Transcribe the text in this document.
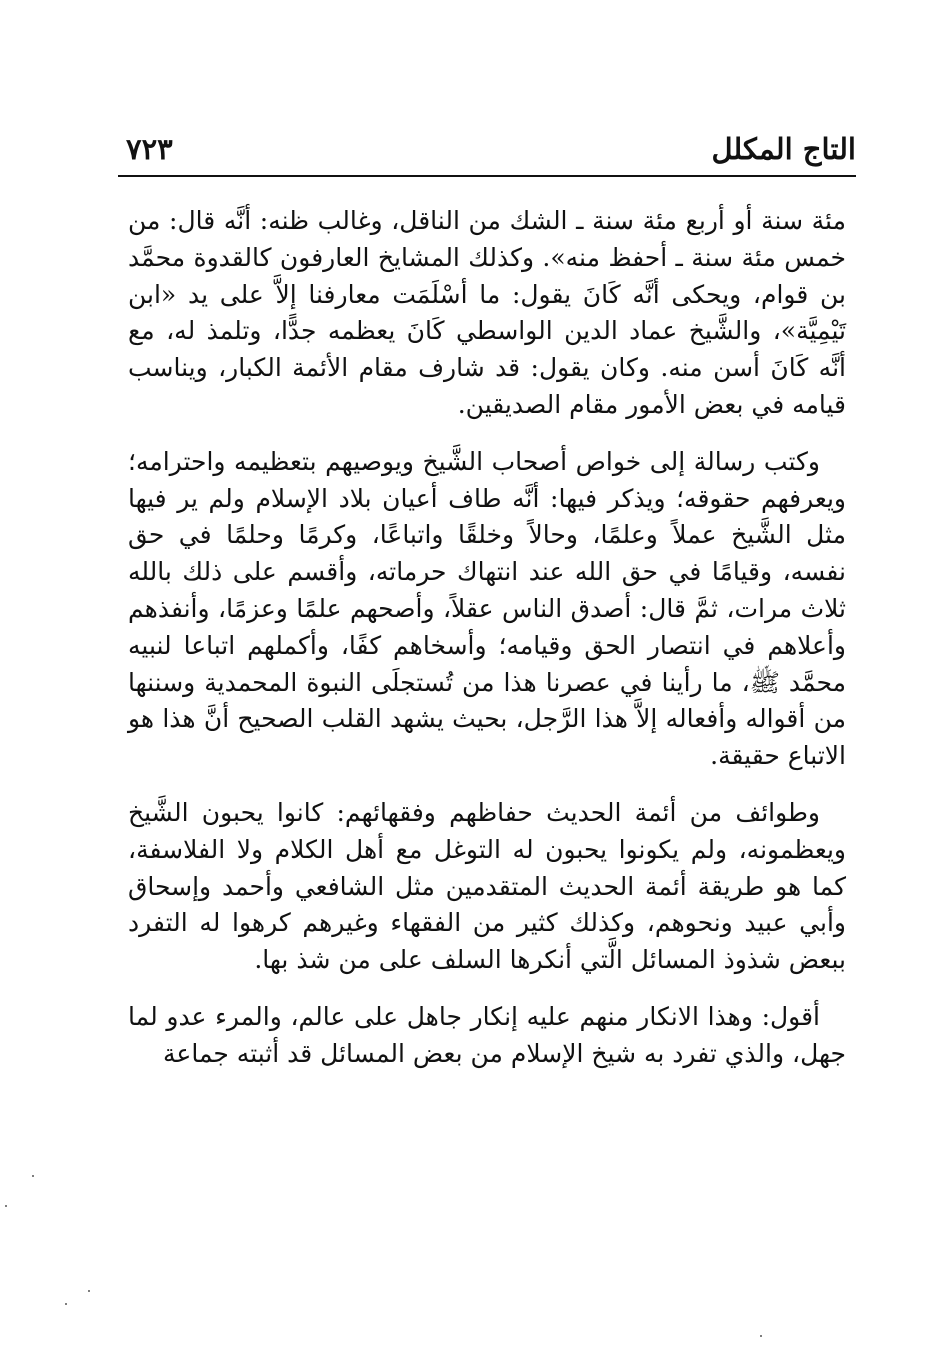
التاج المكلل
٧٢٣

مئة سنة أو أربع مئة سنة ـ الشك من الناقل، وغالب ظنه: أنَّه قال: من خمس مئة سنة ـ أحفظ منه». وكذلك المشايخ العارفون كالقدوة محمَّد بن قوام، ويحكى أنَّه كَانَ يقول: ما أسْلَمَت معارفنا إلاَّ على يد «ابن تَيْمِيَّة»، والشَّيخ عماد الدين الواسطي كَانَ يعظمه جدًّا، وتلمذ له، مع أنَّه كَانَ أسن منه. وكان يقول: قد شارف مقام الأئمة الكبار، ويناسب قيامه في بعض الأمور مقام الصديقين.

وكتب رسالة إلى خواص أصحاب الشَّيخ ويوصيهم بتعظيمه واحترامه؛ ويعرفهم حقوقه؛ ويذكر فيها: أنَّه طاف أعيان بلاد الإسلام ولم ير فيها مثل الشَّيخ عملاً وعلمًا، وحالاً وخلقًا واتباعًا، وكرمًا وحلمًا في حق نفسه، وقيامًا في حق الله عند انتهاك حرماته، وأقسم على ذلك بالله ثلاث مرات، ثمَّ قال: أصدق الناس عقلاً، وأصحهم علمًا وعزمًا، وأنفذهم وأعلاهم في انتصار الحق وقيامه؛ وأسخاهم كفًا، وأكملهم اتباعا لنبيه محمَّد ﷺ، ما رأينا في عصرنا هذا من تُستجلَى النبوة المحمدية وسننها من أقواله وأفعاله إلاَّ هذا الرَّجل، بحيث يشهد القلب الصحيح أنَّ هذا هو الاتباع حقيقة.

وطوائف من أئمة الحديث حفاظهم وفقهائهم: كانوا يحبون الشَّيخ ويعظمونه، ولم يكونوا يحبون له التوغل مع أهل الكلام ولا الفلاسفة، كما هو طريقة أئمة الحديث المتقدمين مثل الشافعي وأحمد وإسحاق وأبي عبيد ونحوهم، وكذلك كثير من الفقهاء وغيرهم كرهوا له التفرد ببعض شذوذ المسائل الَّتي أنكرها السلف على من شذ بها.

أقول: وهذا الانكار منهم عليه إنكار جاهل على عالم، والمرء عدو لما جهل، والذي تفرد به شيخ الإسلام من بعض المسائل قد أثبته جماعة
